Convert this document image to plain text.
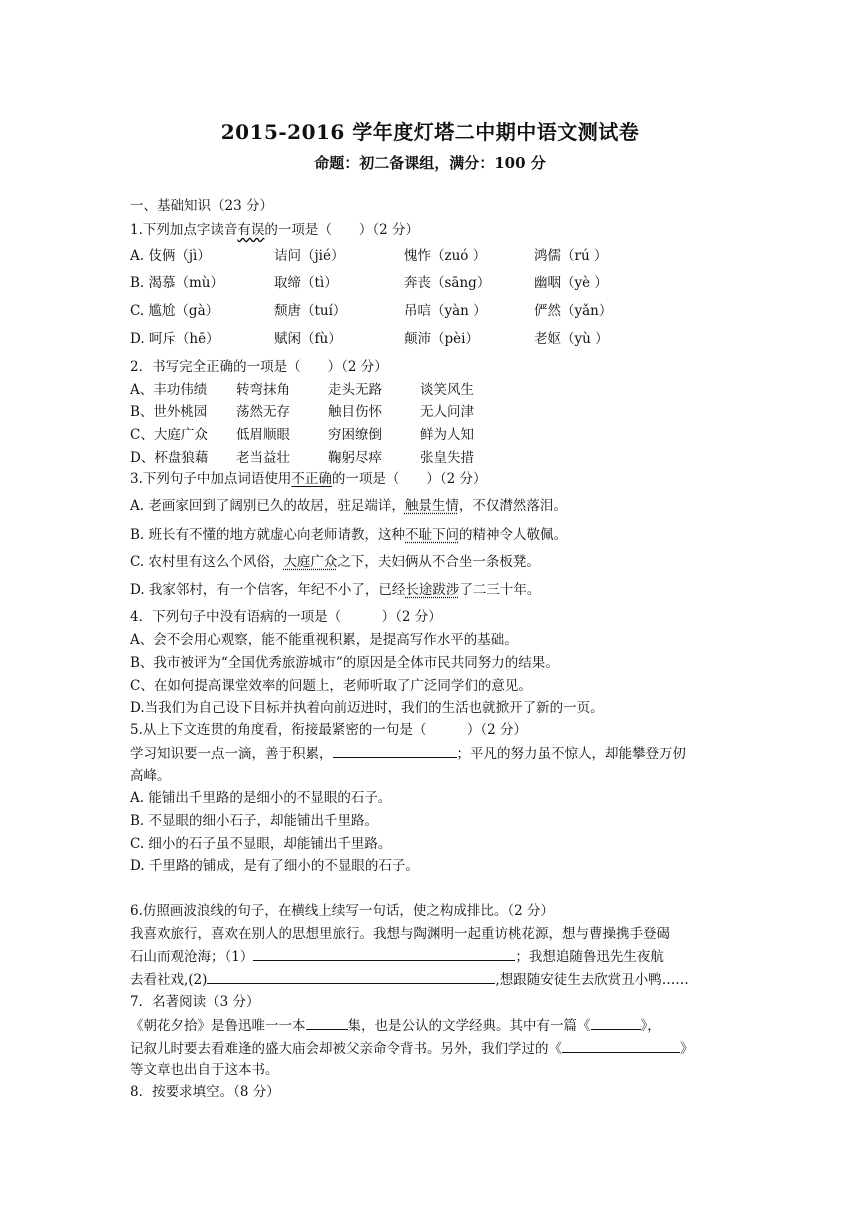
2015-2016 学年度灯塔二中期中语文测试卷
命题：初二备课组，满分：100 分
一、基础知识（23 分）
1.下列加点字读音有误的一项是（　　）（2 分）
A. 伎俩（jì）	诘问（jié）	愧怍（zuó ）	鸿儒（rú ）
B. 渴慕（mù）	取缔（tì）	奔丧（sāng）	幽咽（yè ）
C. 尴尬（gà）	颓唐（tuí）	吊唁（yàn ）	俨然（yǎn）
D. 呵斥（hē）	赋闲（fù）	颠沛（pèi）	老妪（yù ）
2．书写完全正确的一项是（　　）（2 分）
A、丰功伟绩 转弯抹角	走头无路	谈笑风生
B、世外桃园 荡然无存	触目伤怀	无人问津
C、大庭广众 低眉顺眼	穷困缭倒	鲜为人知
D、杯盘狼藉 老当益壮	鞠躬尽瘁	张皇失措
3.下列句子中加点词语使用不正确的一项是（　　）（2 分）
A. 老画家回到了阔别已久的故居，驻足端详，触景生情，不仅潸然落泪。
B. 班长有不懂的地方就虚心向老师请教，这种不耻下问的精神令人敬佩。
C. 农村里有这么个风俗，大庭广众之下，夫妇俩从不合坐一条板凳。
D. 我家邻村，有一个信客，年纪不小了，已经长途跋涉了二三十年。
4．下列句子中没有语病的一项是（　　　）（2 分）
A、会不会用心观察，能不能重视积累，是提高写作水平的基础。
B、我市被评为“全国优秀旅游城市”的原因是全体市民共同努力的结果。
C、在如何提高课堂效率的问题上，老师听取了广泛同学们的意见。
D.当我们为自己设下目标并执着向前迈进时，我们的生活也就掀开了新的一页。
5.从上下文连贯的角度看，衔接最紧密的一句是（　　　）（2 分）
学习知识要一点一滴，善于积累，	；平凡的努力虽不惊人，却能攀登万仞
高峰。
A. 能铺出千里路的是细小的不显眼的石子。
B. 不显眼的细小石子，却能铺出千里路。
C. 细小的石子虽不显眼，却能铺出千里路。
D. 千里路的铺成，是有了细小的不显眼的石子。
6.仿照画波浪线的句子，在横线上续写一句话，使之构成排比。（2 分）
我喜欢旅行，喜欢在别人的思想里旅行。我想与陶渊明一起重访桃花源，想与曹操携手登碣
石山而观沧海；（1）	；我想追随鲁迅先生夜航
去看社戏,(2)	,想跟随安徒生去欣赏丑小鸭……
7．名著阅读（3 分）
《朝花夕拾》是鲁迅唯一一本	集，也是公认的文学经典。其中有一篇《	》，
记叙儿时要去看难逢的盛大庙会却被父亲命令背书。另外，我们学过的《	》
等文章也出自于这本书。
8．按要求填空。（8 分）
